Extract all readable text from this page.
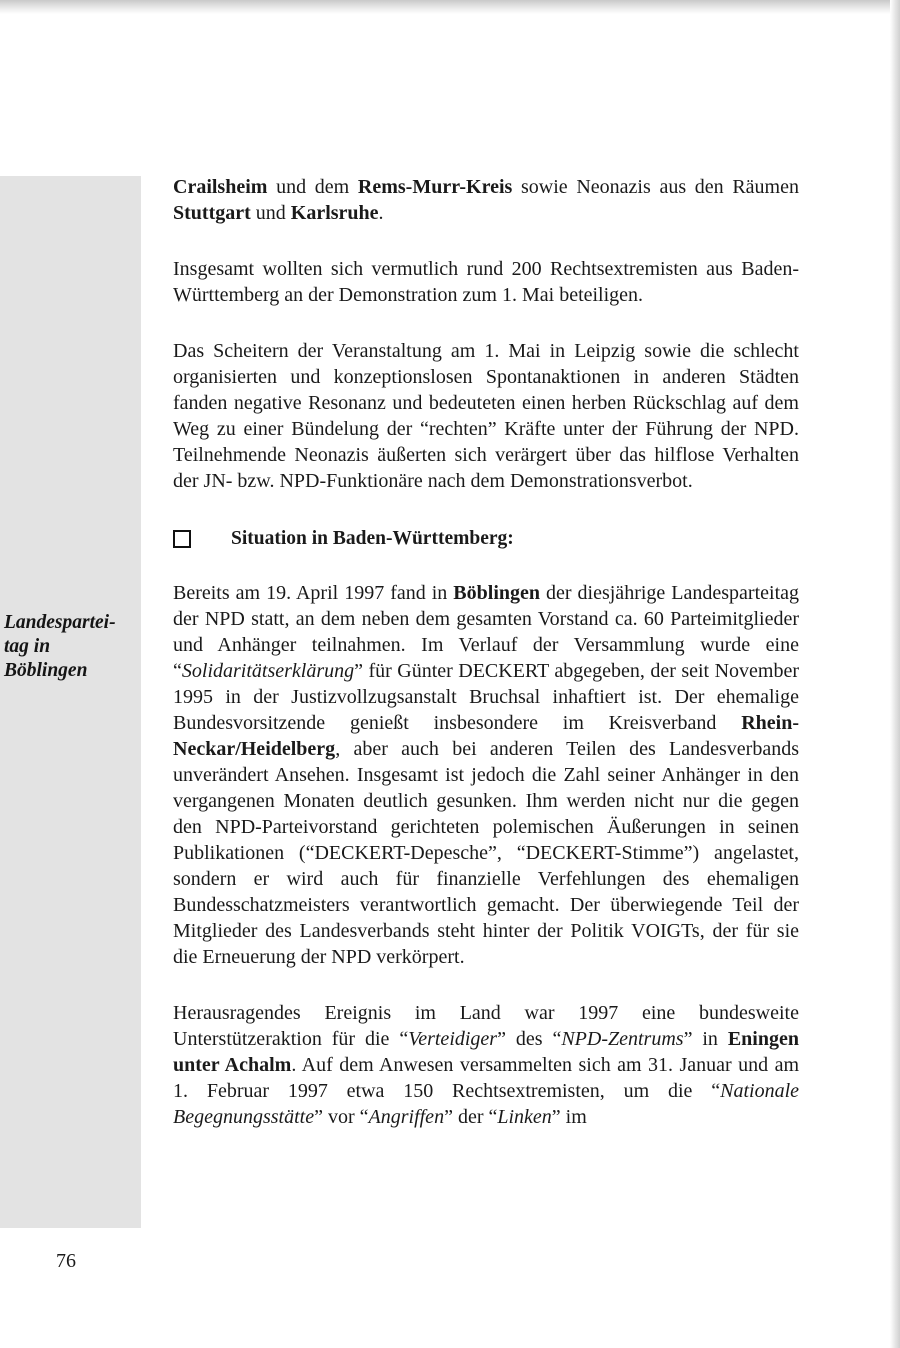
Landespartei-
tag in
Böblingen

Crailsheim und dem Rems-Murr-Kreis sowie Neonazis aus den Räumen Stuttgart und Karlsruhe.

Insgesamt wollten sich vermutlich rund 200 Rechtsextremisten aus Baden-Württemberg an der Demonstration zum 1. Mai beteiligen.

Das Scheitern der Veranstaltung am 1. Mai in Leipzig sowie die schlecht organisierten und konzeptionslosen Spontanaktionen in anderen Städten fanden negative Resonanz und bedeuteten einen herben Rückschlag auf dem Weg zu einer Bündelung der “rechten” Kräfte unter der Führung der NPD. Teilnehmende Neonazis äußerten sich verärgert über das hilflose Verhalten der JN- bzw. NPD-Funktionäre nach dem Demonstrationsverbot.

Situation in Baden-Württemberg:

Bereits am 19. April 1997 fand in Böblingen der diesjährige Landesparteitag der NPD statt, an dem neben dem gesamten Vorstand ca. 60 Parteimitglieder und Anhänger teilnahmen. Im Verlauf der Versammlung wurde eine “Solidaritätserklärung” für Günter DECKERT abgegeben, der seit November 1995 in der Justizvollzugsanstalt Bruchsal inhaftiert ist. Der ehemalige Bundesvorsitzende genießt insbesondere im Kreisverband Rhein-Neckar/Heidelberg, aber auch bei anderen Teilen des Landesverbands unverändert Ansehen. Insgesamt ist jedoch die Zahl seiner Anhänger in den vergangenen Monaten deutlich gesunken. Ihm werden nicht nur die gegen den NPD-Parteivorstand gerichteten polemischen Äußerungen in seinen Publikationen (“DECKERT-Depesche”, “DECKERT-Stimme”) angelastet, sondern er wird auch für finanzielle Verfehlungen des ehemaligen Bundesschatzmeisters verantwortlich gemacht. Der überwiegende Teil der Mitglieder des Landesverbands steht hinter der Politik VOIGTs, der für sie die Erneuerung der NPD verkörpert.

Herausragendes Ereignis im Land war 1997 eine bundesweite Unterstützeraktion für die “Verteidiger” des “NPD-Zentrums” in Eningen unter Achalm. Auf dem Anwesen versammelten sich am 31. Januar und am 1. Februar 1997 etwa 150 Rechtsextremisten, um die “Nationale Begegnungsstätte” vor “Angriffen” der “Linken” im

76
